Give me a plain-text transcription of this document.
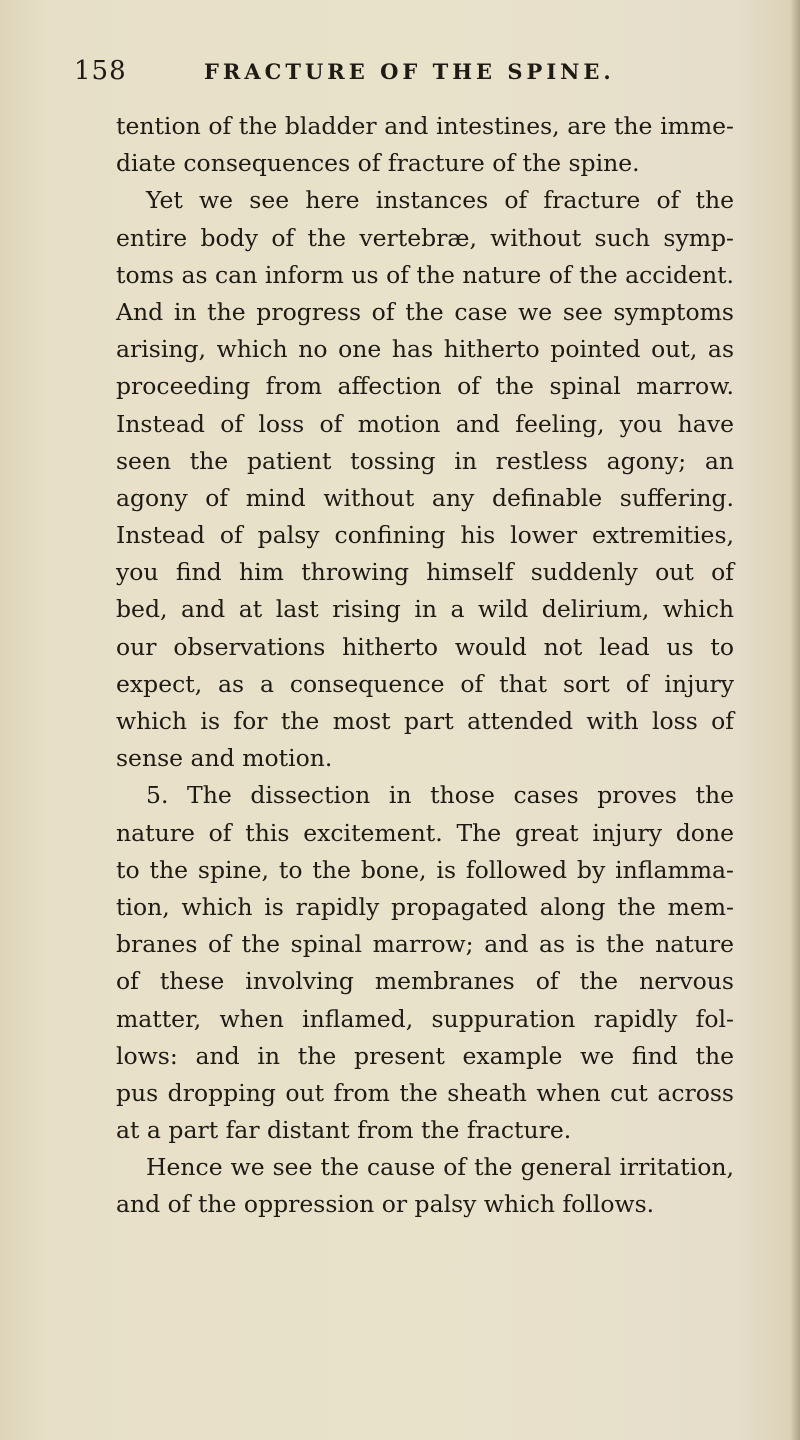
158	FRACTURE OF THE SPINE.
tention of the bladder and intestines, are the imme-
diate consequences of fracture of the spine.
Yet we see here instances of fracture of the
entire body of the vertebræ, without such symp-
toms as can inform us of the nature of the accident.
And in the progress of the case we see symptoms
arising, which no one has hitherto pointed out, as
proceeding from affection of the spinal marrow.
Instead of loss of motion and feeling, you have
seen the patient tossing in restless agony; an
agony of mind without any definable suffering.
Instead of palsy confining his lower extremities,
you find him throwing himself suddenly out of
bed, and at last rising in a wild delirium, which
our observations hitherto would not lead us to
expect, as a consequence of that sort of injury
which is for the most part attended with loss of
sense and motion.
5. The dissection in those cases proves the
nature of this excitement. The great injury done
to the spine, to the bone, is followed by inflamma-
tion, which is rapidly propagated along the mem-
branes of the spinal marrow; and as is the nature
of these involving membranes of the nervous
matter, when inflamed, suppuration rapidly fol-
lows: and in the present example we find the
pus dropping out from the sheath when cut across
at a part far distant from the fracture.
Hence we see the cause of the general irritation,
and of the oppression or palsy which follows.
